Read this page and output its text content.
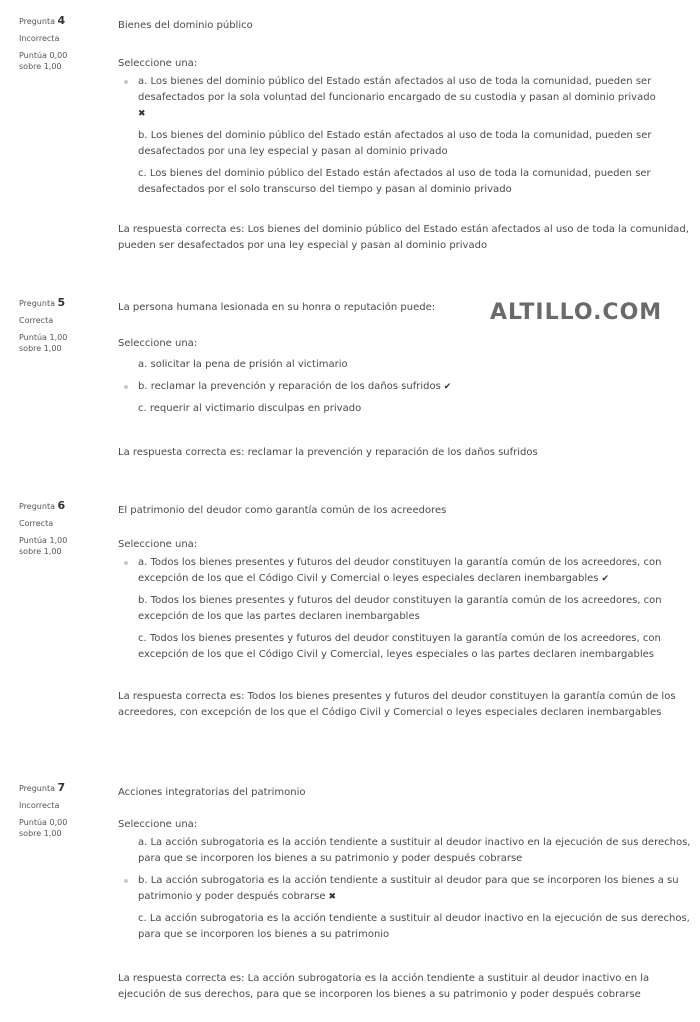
ALTILLO.COM
Pregunta 4
Incorrecta
Puntúa 0,00
sobre 1,00

Bienes del dominio público

Seleccione una:

a. Los bienes del dominio público del Estado están afectados al uso de toda la comunidad, pueden ser desafectados por la sola voluntad del funcionario encargado de su custodia y pasan al dominio privado
✖
b. Los bienes del dominio público del Estado están afectados al uso de toda la comunidad, pueden ser desafectados por una ley especial y pasan al dominio privado
c. Los bienes del dominio público del Estado están afectados al uso de toda la comunidad, pueden ser desafectados por el solo transcurso del tiempo y pasan al dominio privado
La respuesta correcta es: Los bienes del dominio público del Estado están afectados al uso de toda la comunidad, pueden ser desafectados por una ley especial y pasan al dominio privado
Pregunta 5
Correcta
Puntúa 1,00
sobre 1,00

La persona humana lesionada en su honra o reputación puede:

Seleccione una:

a. solicitar la pena de prisión al victimario
b. reclamar la prevención y reparación de los daños sufridos ✔
c. requerir al victimario disculpas en privado
La respuesta correcta es: reclamar la prevención y reparación de los daños sufridos
Pregunta 6
Correcta
Puntúa 1,00
sobre 1,00

El patrimonio del deudor como garantía común de los acreedores

Seleccione una:

a. Todos los bienes presentes y futuros del deudor constituyen la garantía común de los acreedores, con excepción de los que el Código Civil y Comercial o leyes especiales declaren inembargables ✔
b. Todos los bienes presentes y futuros del deudor constituyen la garantía común de los acreedores, con excepción de los que las partes declaren inembargables
c. Todos los bienes presentes y futuros del deudor constituyen la garantía común de los acreedores, con excepción de los que el Código Civil y Comercial, leyes especiales o las partes declaren inembargables
La respuesta correcta es: Todos los bienes presentes y futuros del deudor constituyen la garantía común de los acreedores, con excepción de los que el Código Civil y Comercial o leyes especiales declaren inembargables
Pregunta 7
Incorrecta
Puntúa 0,00
sobre 1,00

Acciones integratorias del patrimonio

Seleccione una:

a. La acción subrogatoria es la acción tendiente a sustituir al deudor inactivo en la ejecución de sus derechos, para que se incorporen los bienes a su patrimonio y poder después cobrarse
b. La acción subrogatoria es la acción tendiente a sustituir al deudor para que se incorporen los bienes a su patrimonio y poder después cobrarse ✖
c. La acción subrogatoria es la acción tendiente a sustituir al deudor inactivo en la ejecución de sus derechos, para que se incorporen los bienes a su patrimonio
La respuesta correcta es: La acción subrogatoria es la acción tendiente a sustituir al deudor inactivo en la ejecución de sus derechos, para que se incorporen los bienes a su patrimonio y poder después cobrarse
